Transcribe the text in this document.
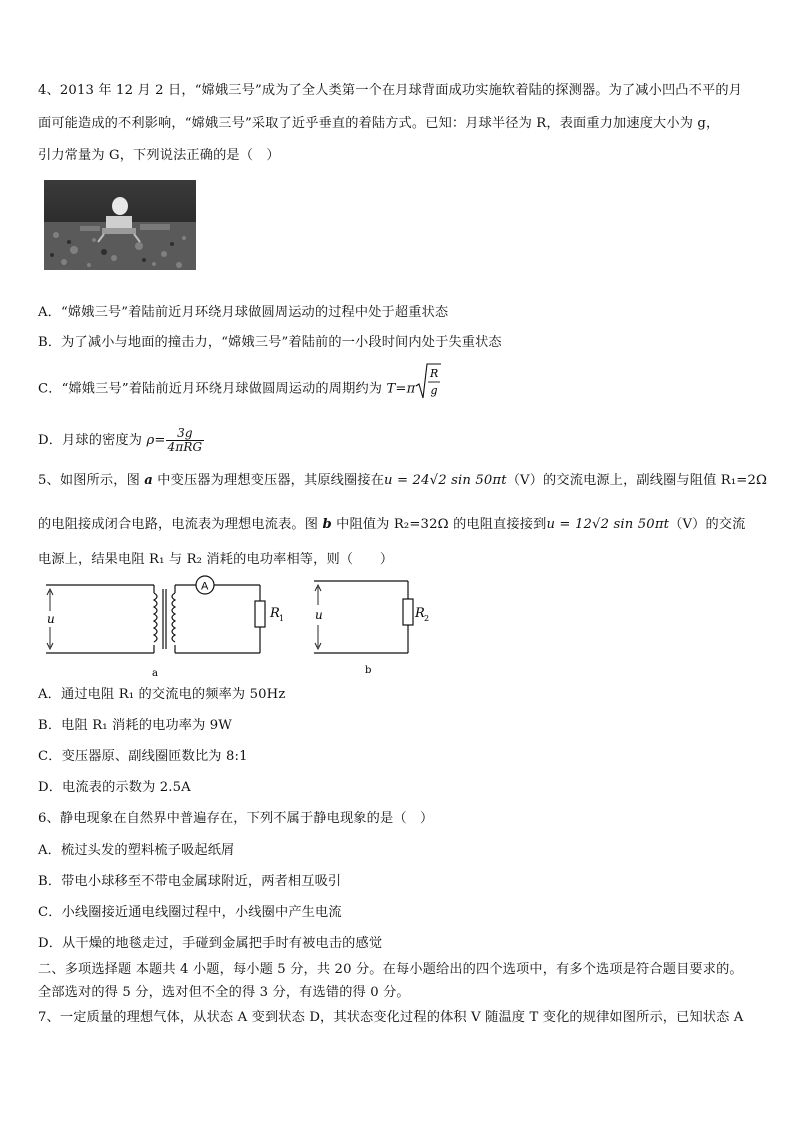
4、2013 年 12 月 2 日，“嫦娥三号”成为了全人类第一个在月球背面成功实施软着陆的探测器。为了减小凹凸不平的月
面可能造成的不利影响，“嫦娥三号”采取了近乎垂直的着陆方式。已知：月球半径为 R，表面重力加速度大小为 g，
引力常量为 G，下列说法正确的是（　）
A．“嫦娥三号”着陆前近月环绕月球做圆周运动的过程中处于超重状态
B．为了减小与地面的撞击力，“嫦娥三号”着陆前的一小段时间内处于失重状态
C．“嫦娥三号”着陆前近月环绕月球做圆周运动的周期约为 T=π
R
g
D．月球的密度为 $\rho= \frac{3g}{\text{4πRG}}$
5、如图所示，图 a 中变压器为理想变压器，其原线圈接在u = 24√2 sin 50πt（V）的交流电源上，副线圈与阻值 R₁=2Ω
的电阻接成闭合电路，电流表为理想电流表。图 b 中阻值为 R₂=32Ω 的电阻直接接到u = 12√2 sin 50πt（V）的交流
电源上，结果电阻 R₁ 与 R₂ 消耗的电功率相等，则（　　）
A
u	R 1
a
u	R 2
b
A．通过电阻 R₁ 的交流电的频率为 50Hz
B．电阻 R₁ 消耗的电功率为 9W
C．变压器原、副线圈匝数比为 8:1
D．电流表的示数为 2.5A
6、静电现象在自然界中普遍存在，下列不属于静电现象的是（　）
A．梳过头发的塑料梳子吸起纸屑
B．带电小球移至不带电金属球附近，两者相互吸引
C．小线圈接近通电线圈过程中，小线圈中产生电流
D．从干燥的地毯走过，手碰到金属把手时有被电击的感觉
二、多项选择题 本题共 4 小题，每小题 5 分，共 20 分。在每小题给出的四个选项中，有多个选项是符合题目要求的。
全部选对的得 5 分，选对但不全的得 3 分，有选错的得 0 分。
7、一定质量的理想气体，从状态 A 变到状态 D，其状态变化过程的体积 V 随温度 T 变化的规律如图所示，已知状态 A
